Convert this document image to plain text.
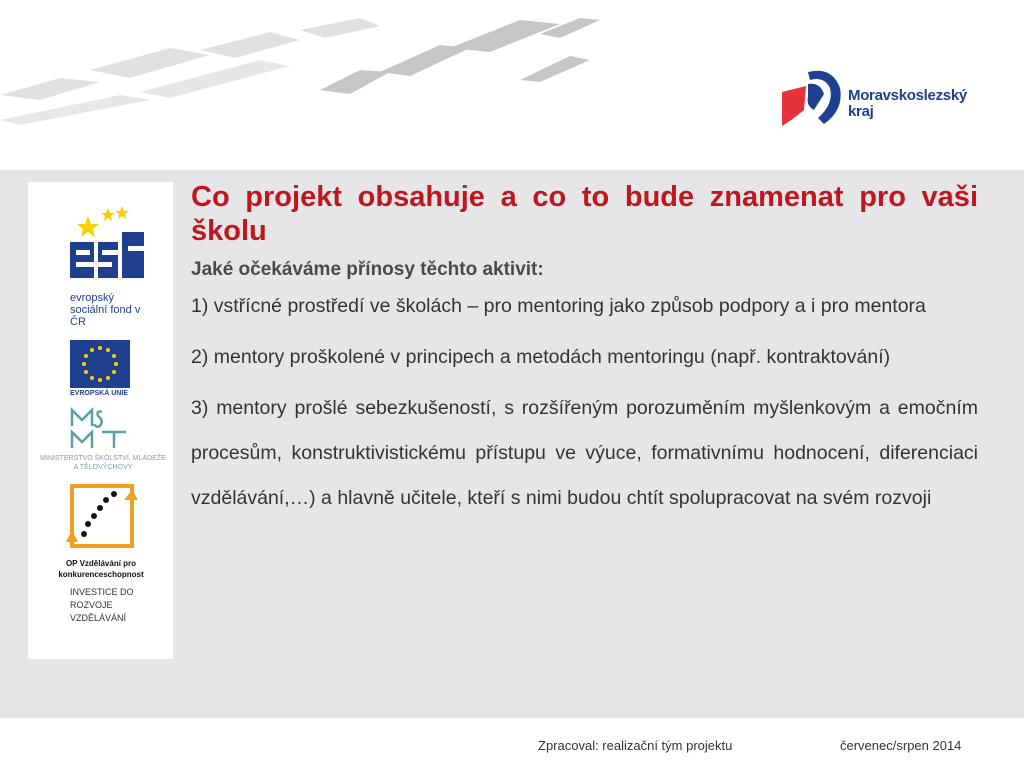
Moravskoslezský kraj
evropský sociální fond v ČR
EVROPSKÁ UNIE
MINISTERSTVO ŠKOLSTVÍ, MLÁDEŽE A TĚLOVÝCHOVY
OP Vzdělávání pro konkurenceschopnost
INVESTICE DO ROZVOJE VZDĚLÁVÁNÍ
Co projekt obsahuje a co to bude znamenat pro vaši školu

Jaké očekáváme přínosy těchto aktivit:

1) vstřícné prostředí ve školách – pro mentoring jako způsob podpory a i pro mentora

2) mentory proškolené v principech a metodách mentoringu (např. kontraktování)

3) mentory prošlé sebezkušeností, s rozšířeným porozuměním myšlenkovým a emočním procesům, konstruktivistickému přístupu ve výuce, formativnímu hodnocení, diferenciaci vzdělávání,…) a hlavně učitele, kteří s nimi budou chtít spolupracovat na svém rozvoji

Zpracoval: realizační tým projektu	červenec/srpen 2014
